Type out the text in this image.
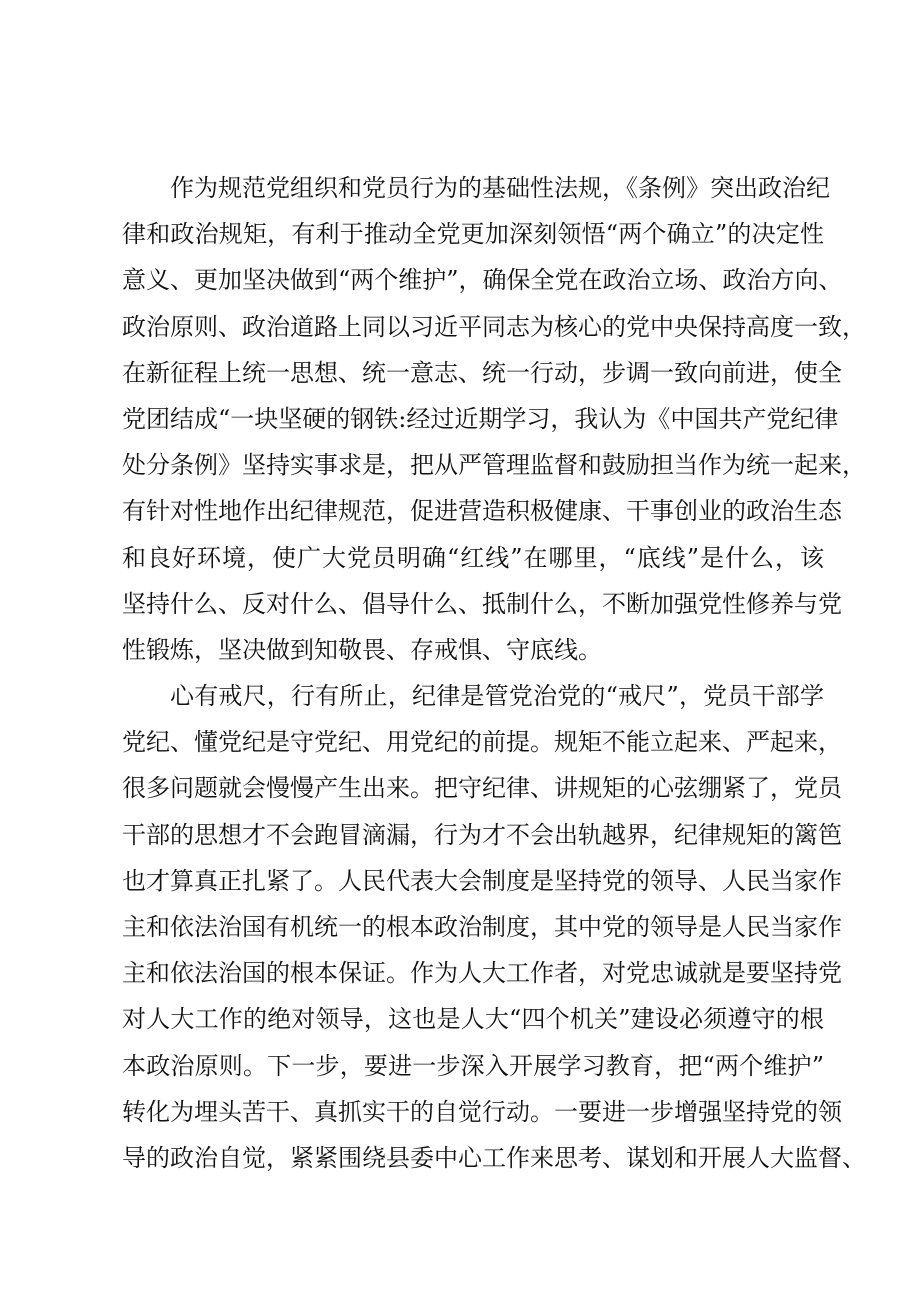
作为规范党组织和党员行为的基础性法规，《条例》突出政治纪
律和政治规矩，有利于推动全党更加深刻领悟“两个确立”的决定性
意义、更加坚决做到“两个维护”，确保全党在政治立场、政治方向、
政治原则、政治道路上同以习近平同志为核心的党中央保持高度一致，
在新征程上统一思想、统一意志、统一行动，步调一致向前进，使全
党团结成“一块坚硬的钢铁:经过近期学习，我认为《中国共产党纪律
处分条例》坚持实事求是，把从严管理监督和鼓励担当作为统一起来，
有针对性地作出纪律规范，促进营造积极健康、干事创业的政治生态
和良好环境，使广大党员明确“红线”在哪里，“底线”是什么，该
坚持什么、反对什么、倡导什么、抵制什么，不断加强党性修养与党
性锻炼，坚决做到知敬畏、存戒惧、守底线。
心有戒尺，行有所止，纪律是管党治党的“戒尺”，党员干部学
党纪、懂党纪是守党纪、用党纪的前提。规矩不能立起来、严起来，
很多问题就会慢慢产生出来。把守纪律、讲规矩的心弦绷紧了，党员
干部的思想才不会跑冒滴漏，行为才不会出轨越界，纪律规矩的篱笆
也才算真正扎紧了。人民代表大会制度是坚持党的领导、人民当家作
主和依法治国有机统一的根本政治制度，其中党的领导是人民当家作
主和依法治国的根本保证。作为人大工作者，对党忠诚就是要坚持党
对人大工作的绝对领导，这也是人大“四个机关”建设必须遵守的根
本政治原则。下一步，要进一步深入开展学习教育，把“两个维护”
转化为埋头苦干、真抓实干的自觉行动。一要进一步增强坚持党的领
导的政治自觉，紧紧围绕县委中心工作来思考、谋划和开展人大监督、
